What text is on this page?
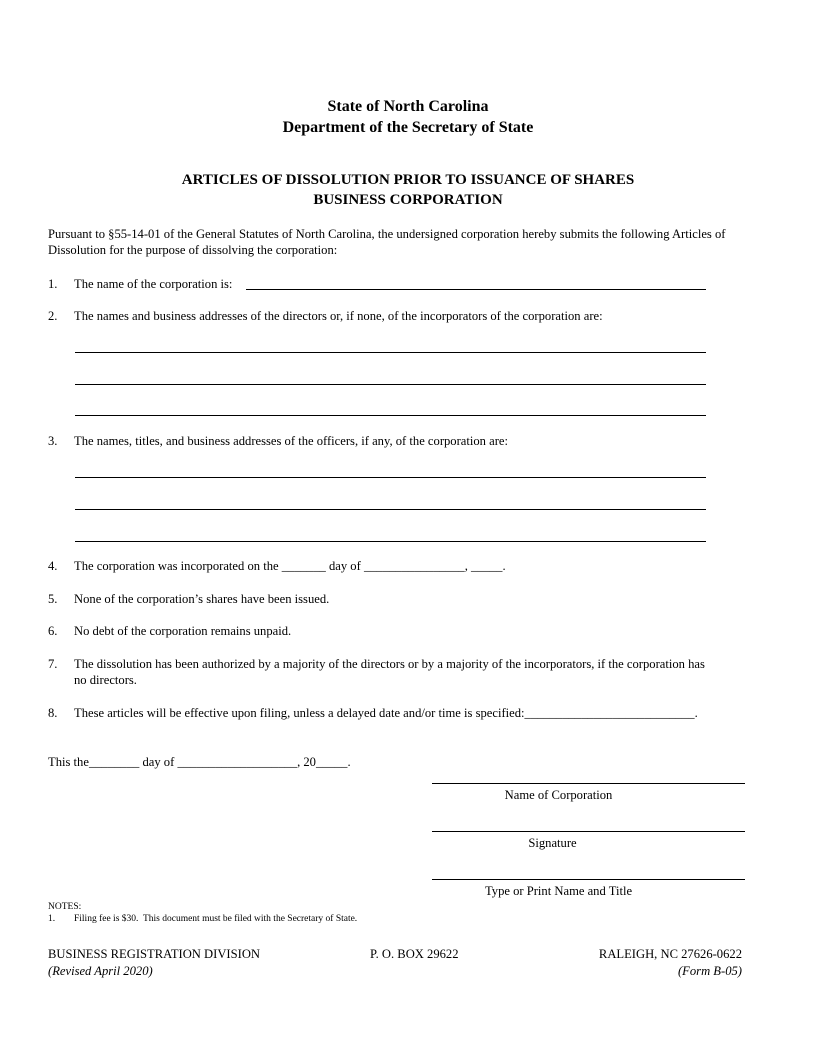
State of North Carolina
Department of the Secretary of State
ARTICLES OF DISSOLUTION PRIOR TO ISSUANCE OF SHARES
BUSINESS CORPORATION
Pursuant to §55-14-01 of the General Statutes of North Carolina, the undersigned corporation hereby submits the following Articles of
Dissolution for the purpose of dissolving the corporation:
1.	The name of the corporation is:
2.	The names and business addresses of the directors or, if none, of the incorporators of the corporation are:
3.	The names, titles, and business addresses of the officers, if any, of the corporation are:
4.	The corporation was incorporated on the _______ day of ________________, _____.
5.	None of the corporation’s shares have been issued.
6.	No debt of the corporation remains unpaid.
7.	The dissolution has been authorized by a majority of the directors or by a majority of the incorporators, if the corporation has
no directors.
8.	These articles will be effective upon filing, unless a delayed date and/or time is specified:___________________________.
This the________ day of ___________________, 20_____.
Name of Corporation
Signature
Type or Print Name and Title
NOTES:
1. Filing fee is $30.  This document must be filed with the Secretary of State.
BUSINESS REGISTRATION DIVISION	P. O. BOX 29622	RALEIGH, NC 27626-0622
(Revised April 2020)	(Form B-05)
